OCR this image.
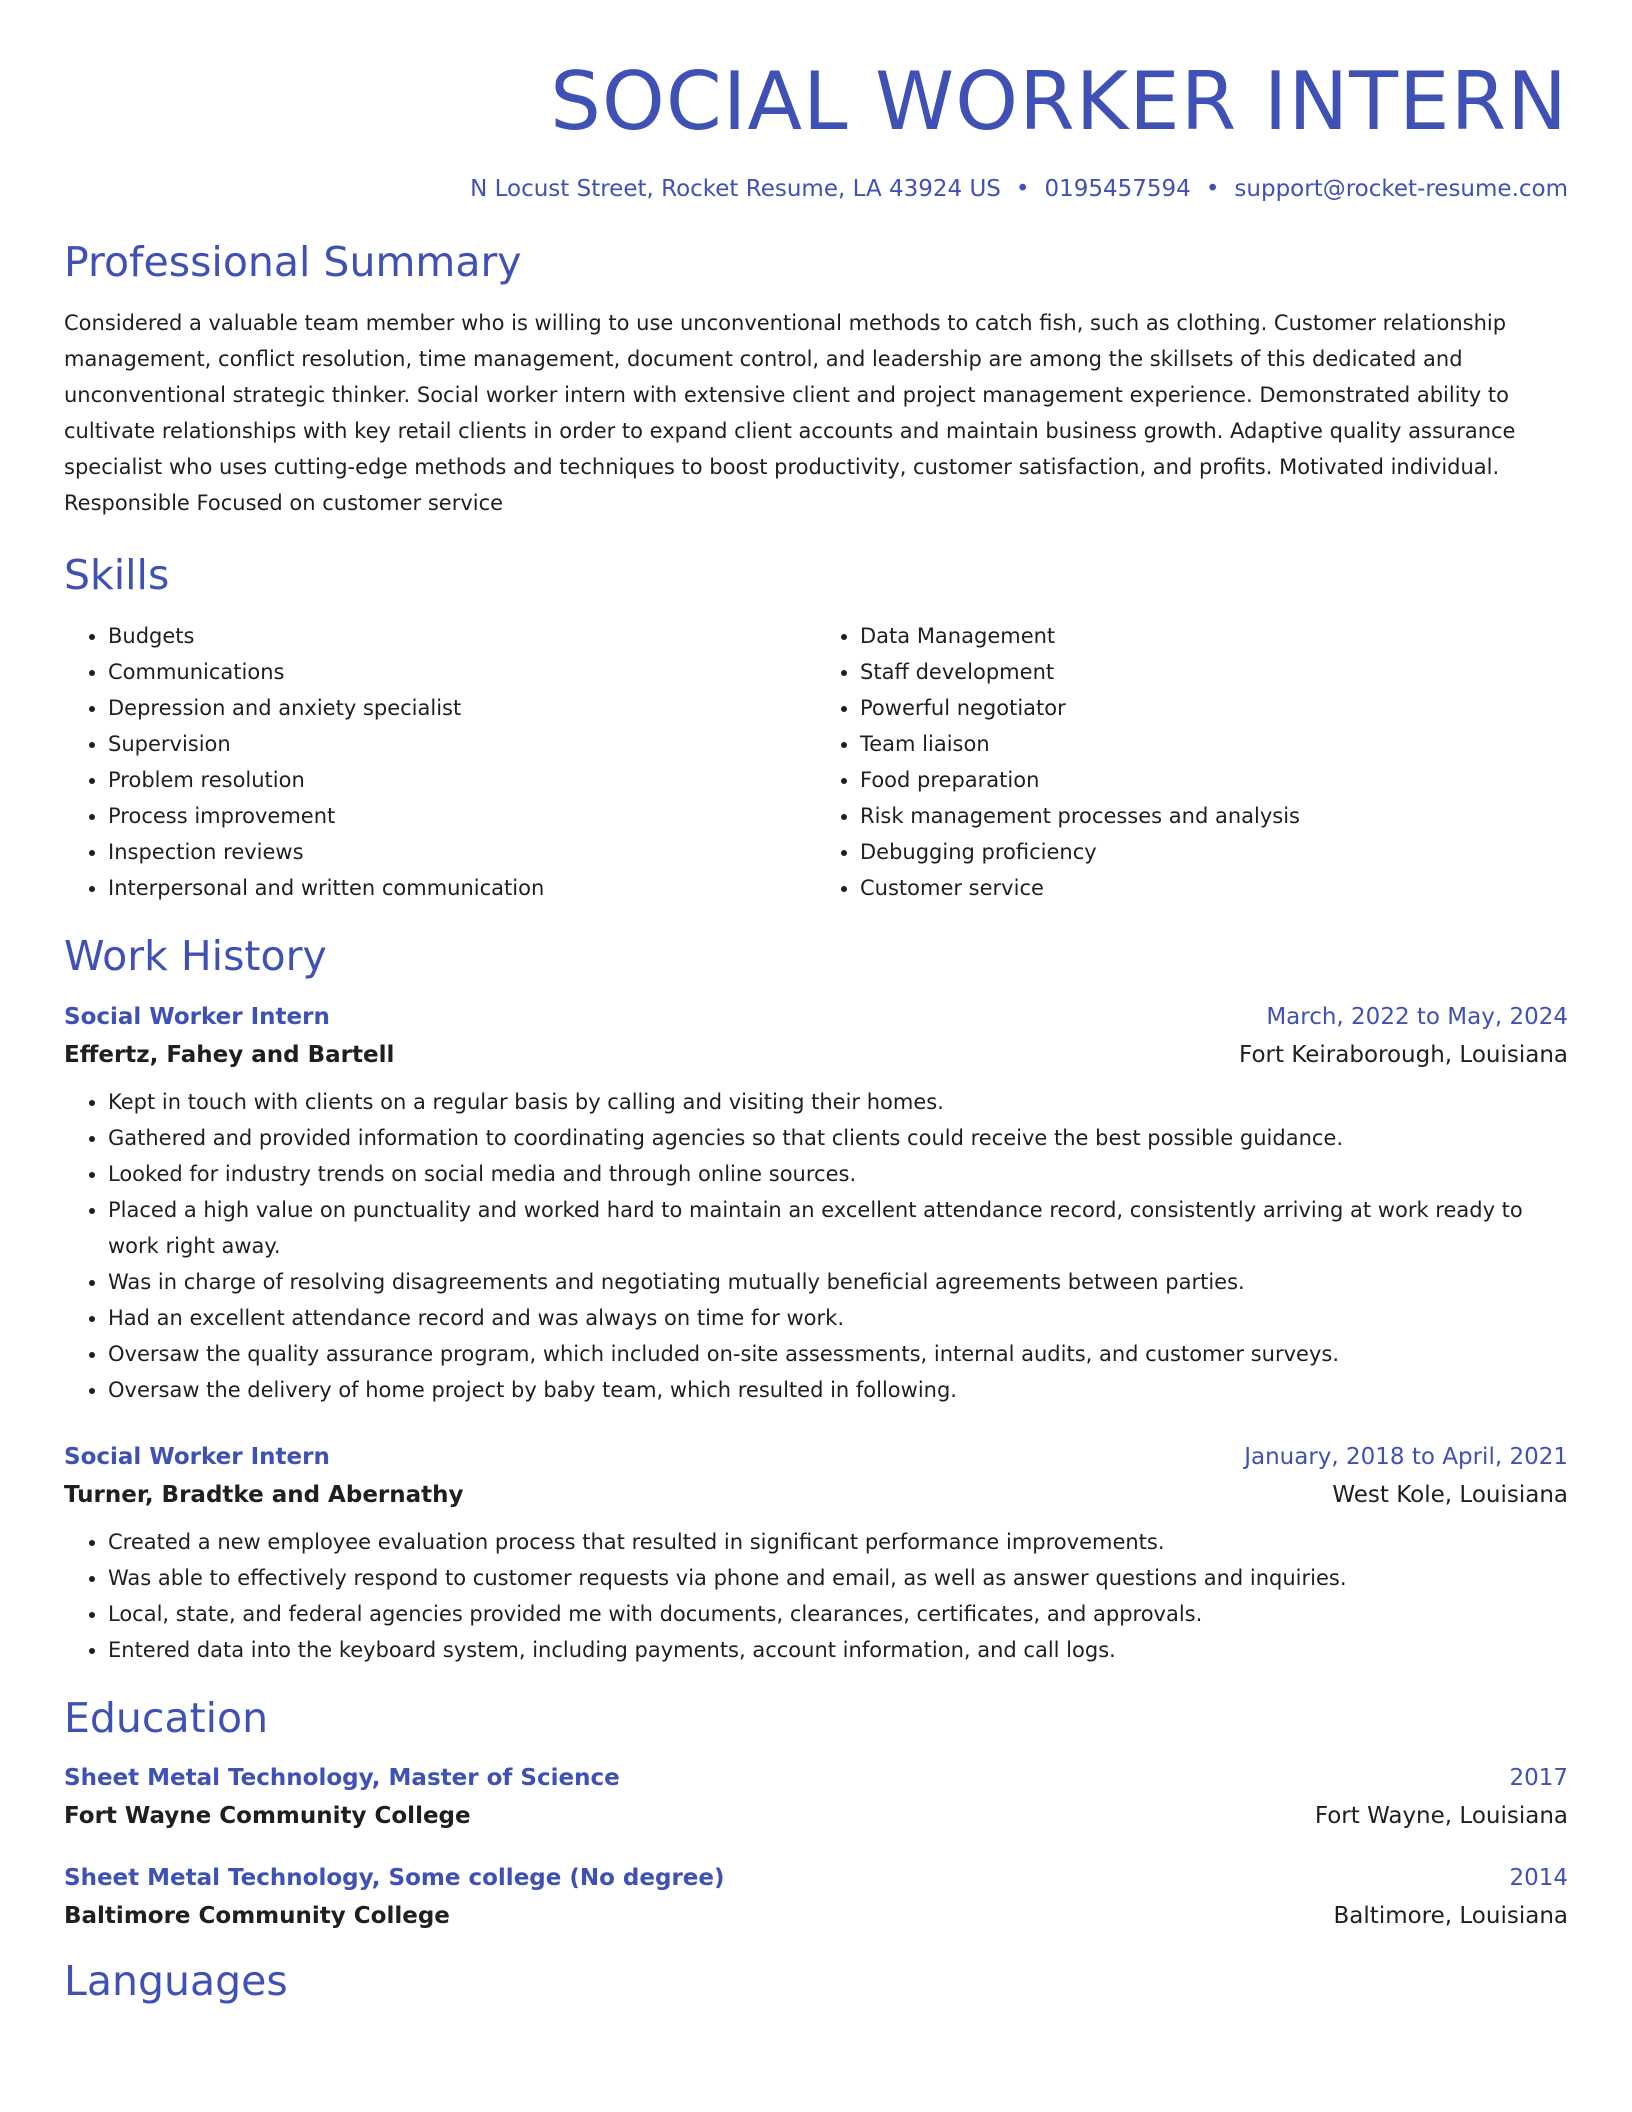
SOCIAL WORKER INTERN
N Locust Street, Rocket Resume, LA 43924 US • 0195457594 • support@rocket-resume.com
Professional Summary
Considered a valuable team member who is willing to use unconventional methods to catch fish, such as clothing. Customer relationship management, conflict resolution, time management, document control, and leadership are among the skillsets of this dedicated and unconventional strategic thinker. Social worker intern with extensive client and project management experience. Demonstrated ability to cultivate relationships with key retail clients in order to expand client accounts and maintain business growth. Adaptive quality assurance specialist who uses cutting-edge methods and techniques to boost productivity, customer satisfaction, and profits. Motivated individual. Responsible Focused on customer service
Skills
• Budgets
• Communications
• Depression and anxiety specialist
• Supervision
• Problem resolution
• Process improvement
• Inspection reviews
• Interpersonal and written communication
• Data Management
• Staff development
• Powerful negotiator
• Team liaison
• Food preparation
• Risk management processes and analysis
• Debugging proficiency
• Customer service
Work History
Social Worker Intern	March, 2022 to May, 2024
Effertz, Fahey and Bartell	Fort Keiraborough, Louisiana
• Kept in touch with clients on a regular basis by calling and visiting their homes.
• Gathered and provided information to coordinating agencies so that clients could receive the best possible guidance.
• Looked for industry trends on social media and through online sources.
• Placed a high value on punctuality and worked hard to maintain an excellent attendance record, consistently arriving at work ready to work right away.
• Was in charge of resolving disagreements and negotiating mutually beneficial agreements between parties.
• Had an excellent attendance record and was always on time for work.
• Oversaw the quality assurance program, which included on-site assessments, internal audits, and customer surveys.
• Oversaw the delivery of home project by baby team, which resulted in following.
Social Worker Intern	January, 2018 to April, 2021
Turner, Bradtke and Abernathy	West Kole, Louisiana
• Created a new employee evaluation process that resulted in significant performance improvements.
• Was able to effectively respond to customer requests via phone and email, as well as answer questions and inquiries.
• Local, state, and federal agencies provided me with documents, clearances, certificates, and approvals.
• Entered data into the keyboard system, including payments, account information, and call logs.
Education
Sheet Metal Technology, Master of Science	2017
Fort Wayne Community College	Fort Wayne, Louisiana
Sheet Metal Technology, Some college (No degree)	2014
Baltimore Community College	Baltimore, Louisiana
Languages
